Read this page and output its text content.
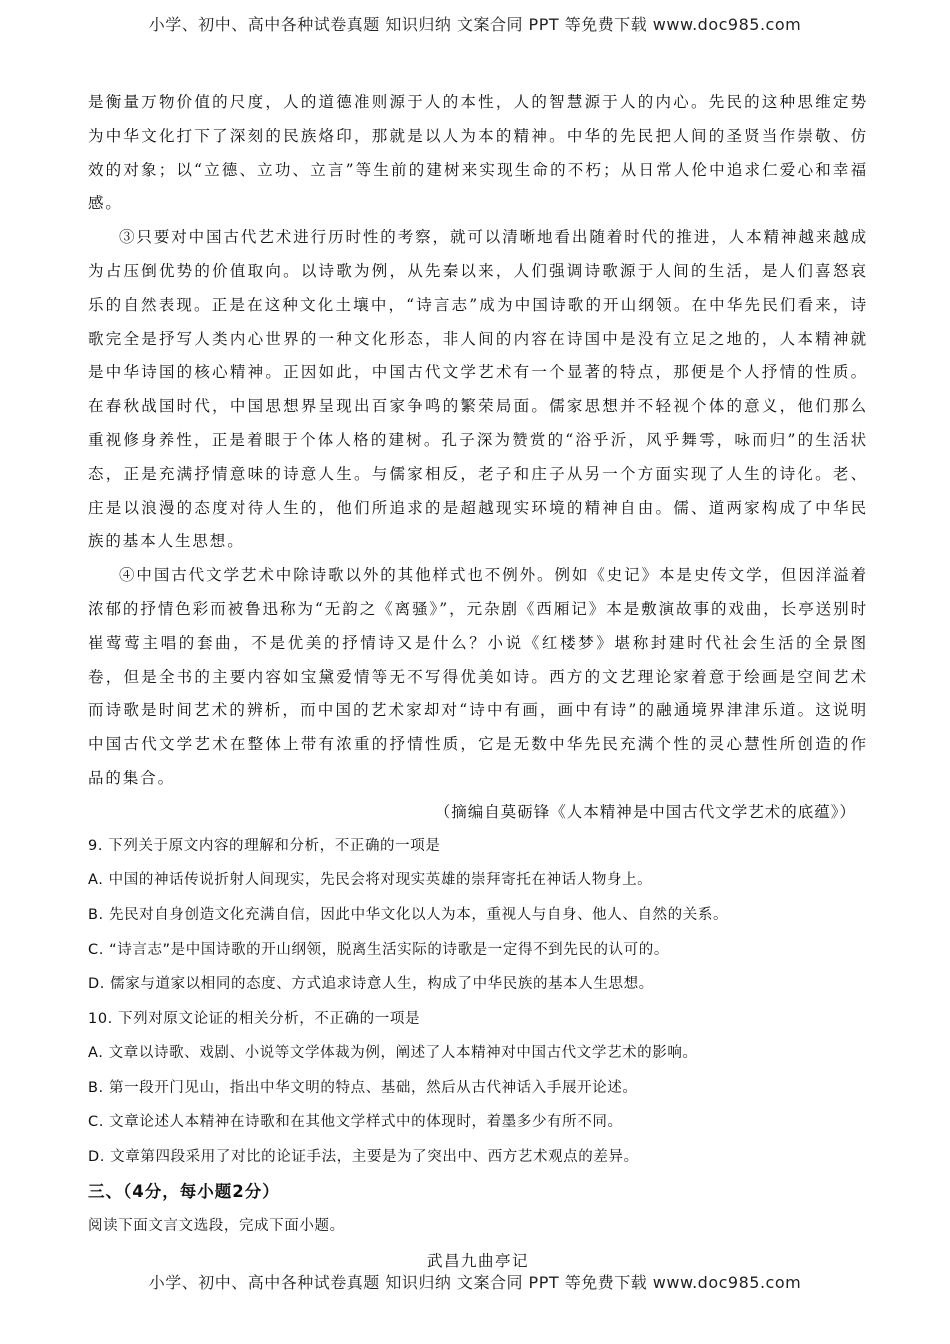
小学、初中、高中各种试卷真题 知识归纳 文案合同 PPT 等免费下载 www.doc985.com

是衡量万物价值的尺度，人的道德准则源于人的本性，人的智慧源于人的内心。先民的这种思维定势为中华文化打下了深刻的民族烙印，那就是以人为本的精神。中华的先民把人间的圣贤当作崇敬、仿效的对象；以“立德、立功、立言”等生前的建树来实现生命的不朽；从日常人伦中追求仁爱心和幸福感。

③只要对中国古代艺术进行历时性的考察，就可以清晰地看出随着时代的推进，人本精神越来越成为占压倒优势的价值取向。以诗歌为例，从先秦以来，人们强调诗歌源于人间的生活，是人们喜怒哀乐的自然表现。正是在这种文化土壤中，“诗言志”成为中国诗歌的开山纲领。在中华先民们看来，诗歌完全是抒写人类内心世界的一种文化形态，非人间的内容在诗国中是没有立足之地的，人本精神就是中华诗国的核心精神。正因如此，中国古代文学艺术有一个显著的特点，那便是个人抒情的性质。在春秋战国时代，中国思想界呈现出百家争鸣的繁荣局面。儒家思想并不轻视个体的意义，他们那么重视修身养性，正是着眼于个体人格的建树。孔子深为赞赏的“浴乎沂，风乎舞雩，咏而归”的生活状态，正是充满抒情意味的诗意人生。与儒家相反，老子和庄子从另一个方面实现了人生的诗化。老、庄是以浪漫的态度对待人生的，他们所追求的是超越现实环境的精神自由。儒、道两家构成了中华民族的基本人生思想。

④中国古代文学艺术中除诗歌以外的其他样式也不例外。例如《史记》本是史传文学，但因洋溢着浓郁的抒情色彩而被鲁迅称为“无韵之《离骚》”，元杂剧《西厢记》本是敷演故事的戏曲，长亭送别时崔莺莺主唱的套曲，不是优美的抒情诗又是什么？小说《红楼梦》堪称封建时代社会生活的全景图卷，但是全书的主要内容如宝黛爱情等无不写得优美如诗。西方的文艺理论家着意于绘画是空间艺术而诗歌是时间艺术的辨析，而中国的艺术家却对“诗中有画，画中有诗”的融通境界津津乐道。这说明中国古代文学艺术在整体上带有浓重的抒情性质，它是无数中华先民充满个性的灵心慧性所创造的作品的集合。

（摘编自莫砺锋《人本精神是中国古代文学艺术的底蕴》）

9. 下列关于原文内容的理解和分析，不正确的一项是

A. 中国的神话传说折射人间现实，先民会将对现实英雄的崇拜寄托在神话人物身上。

B. 先民对自身创造文化充满自信，因此中华文化以人为本，重视人与自身、他人、自然的关系。

C. “诗言志”是中国诗歌的开山纲领，脱离生活实际的诗歌是一定得不到先民的认可的。

D. 儒家与道家以相同的态度、方式追求诗意人生，构成了中华民族的基本人生思想。

10. 下列对原文论证的相关分析，不正确的一项是

A. 文章以诗歌、戏剧、小说等文学体裁为例，阐述了人本精神对中国古代文学艺术的影响。

B. 第一段开门见山，指出中华文明的特点、基础，然后从古代神话入手展开论述。

C. 文章论述人本精神在诗歌和在其他文学样式中的体现时，着墨多少有所不同。

D. 文章第四段采用了对比的论证手法，主要是为了突出中、西方艺术观点的差异。

三、（4分，每小题2分）

阅读下面文言文选段，完成下面小题。

武昌九曲亭记

小学、初中、高中各种试卷真题 知识归纳 文案合同 PPT 等免费下载 www.doc985.com
